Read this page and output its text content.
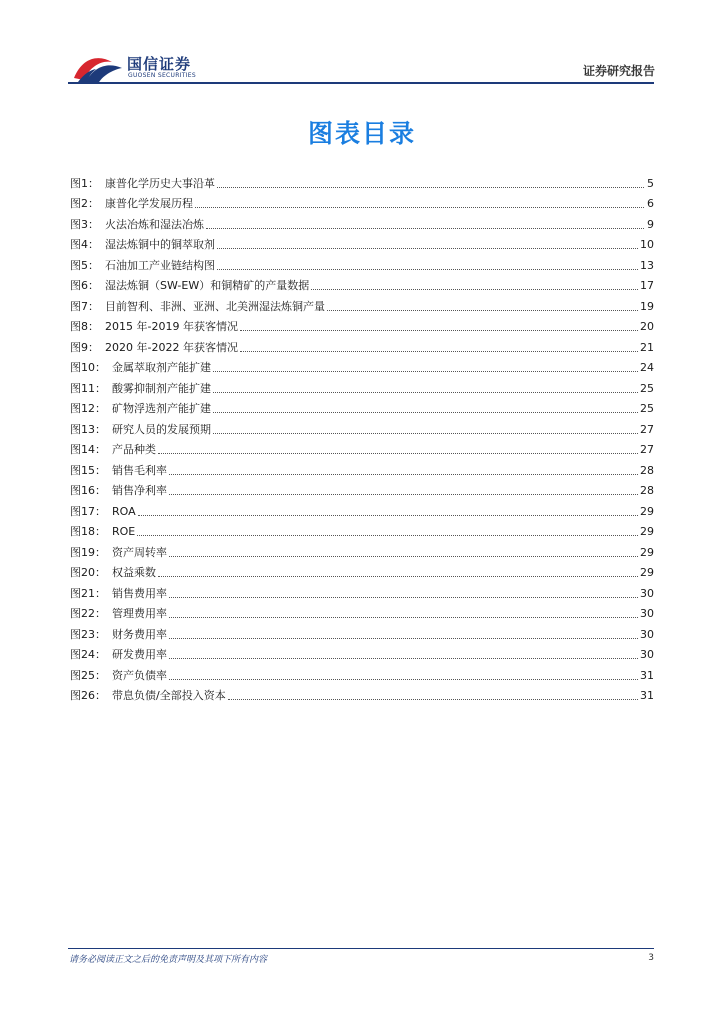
国信证券
GUOSEN SECURITIES	证券研究报告
图表目录
图1： 康普化学历史大事沿革	5
图2： 康普化学发展历程	6
图3： 火法冶炼和湿法冶炼	9
图4： 湿法炼铜中的铜萃取剂	10
图5： 石油加工产业链结构图	13
图6： 湿法炼铜（SW-EW）和铜精矿的产量数据	17
图7： 目前智利、非洲、亚洲、北美洲湿法炼铜产量	19
图8： 2015 年-2019 年获客情况	20
图9： 2020 年-2022 年获客情况	21
图10： 金属萃取剂产能扩建	24
图11： 酸雾抑制剂产能扩建	25
图12： 矿物浮选剂产能扩建	25
图13： 研究人员的发展预期	27
图14： 产品种类	27
图15： 销售毛利率	28
图16： 销售净利率	28
图17： ROA	29
图18： ROE	29
图19： 资产周转率	29
图20： 权益乘数	29
图21： 销售费用率	30
图22： 管理费用率	30
图23： 财务费用率	30
图24： 研发费用率	30
图25： 资产负债率	31
图26： 带息负债/全部投入资本	31
请务必阅读正文之后的免责声明及其项下所有内容	3
